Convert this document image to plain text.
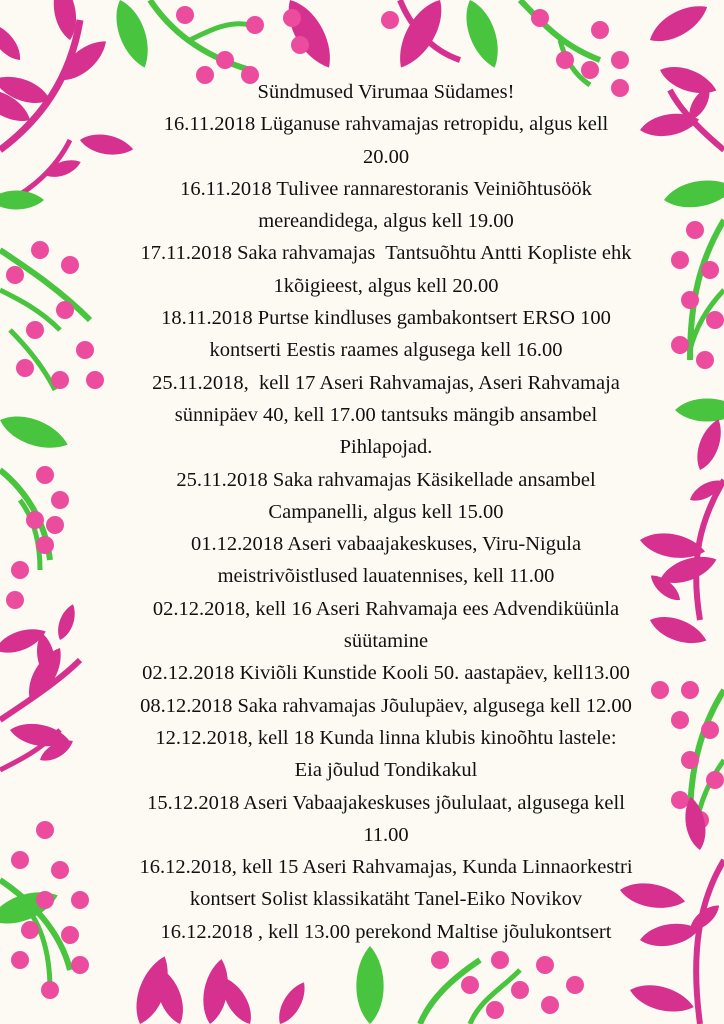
Sündmused Virumaa Südames!
16.11.2018 Lüganuse rahvamajas retropidu, algus kell
20.00
16.11.2018 Tulivee rannarestoranis Veiniõhtusöök
mereandidega, algus kell 19.00
17.11.2018 Saka rahvamajas  Tantsuõhtu Antti Kopliste ehk
1kõigieest, algus kell 20.00
18.11.2018 Purtse kindluses gambakontsert ERSO 100
kontserti Eestis raames algusega kell 16.00
25.11.2018,  kell 17 Aseri Rahvamajas, Aseri Rahvamaja
sünnipäev 40, kell 17.00 tantsuks mängib ansambel
Pihlapojad.
25.11.2018 Saka rahvamajas Käsikellade ansambel
Campanelli, algus kell 15.00
01.12.2018 Aseri vabaajakeskuses, Viru-Nigula
meistrivõistlused lauatennises, kell 11.00
02.12.2018, kell 16 Aseri Rahvamaja ees Advendiküünla
süütamine
02.12.2018 Kiviõli Kunstide Kooli 50. aastapäev, kell13.00
08.12.2018 Saka rahvamajas Jõulupäev, algusega kell 12.00
12.12.2018, kell 18 Kunda linna klubis kinoõhtu lastele:
Eia jõulud Tondikakul
15.12.2018 Aseri Vabaajakeskuses jõululaat, algusega kell
11.00
16.12.2018, kell 15 Aseri Rahvamajas, Kunda Linnaorkestri
kontsert Solist klassikatäht Tanel-Eiko Novikov
16.12.2018 , kell 13.00 perekond Maltise jõulukontsert
